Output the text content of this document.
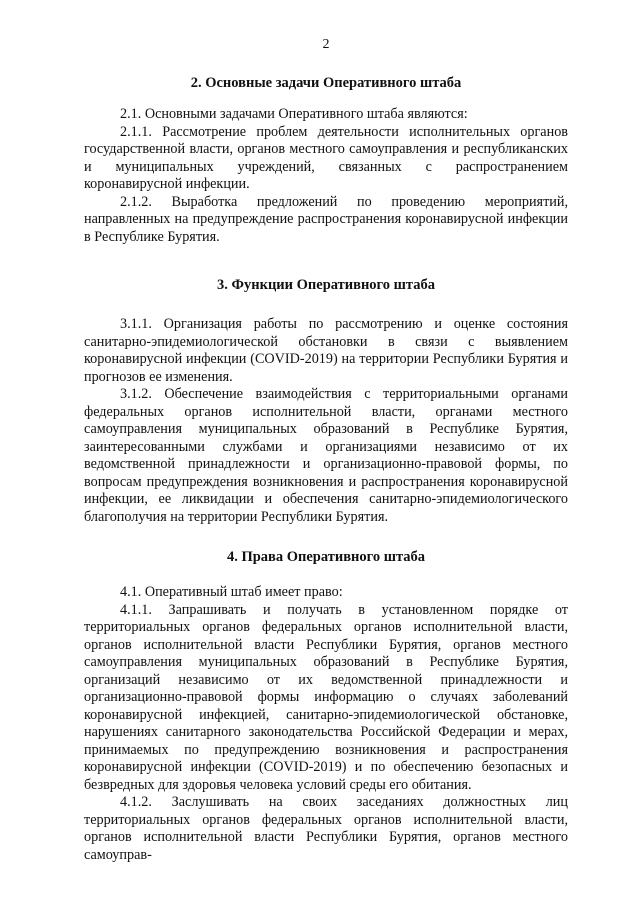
2
2. Основные задачи Оперативного штаба

2.1. Основными задачами Оперативного штаба являются:

2.1.1. Рассмотрение проблем деятельности исполнительных органов государственной власти, органов местного самоуправления и республиканских и муниципальных учреждений, связанных с распространением коронавирусной инфекции.

2.1.2. Выработка предложений по проведению мероприятий, направленных на предупреждение распространения коронавирусной инфекции в Республике Бурятия.

3. Функции Оперативного штаба

3.1.1. Организация работы по рассмотрению и оценке состояния санитарно-эпидемиологической обстановки в связи с выявлением коронавирусной инфекции (COVID-2019) на территории Республики Бурятия и прогнозов ее изменения.

3.1.2. Обеспечение взаимодействия с территориальными органами федеральных органов исполнительной власти, органами местного самоуправления муниципальных образований в Республике Бурятия, заинтересованными службами и организациями независимо от их ведомственной принадлежности и организационно-правовой формы, по вопросам предупреждения возникновения и распространения коронавирусной инфекции, ее ликвидации и обеспечения санитарно-эпидемиологического благополучия на территории Республики Бурятия.

4. Права Оперативного штаба

4.1. Оперативный штаб имеет право:

4.1.1. Запрашивать и получать в установленном порядке от территориальных органов федеральных органов исполнительной власти, органов исполнительной власти Республики Бурятия, органов местного самоуправления муниципальных образований в Республике Бурятия, организаций независимо от их ведомственной принадлежности и организационно-правовой формы информацию о случаях заболеваний коронавирусной инфекцией, санитарно-эпидемиологической обстановке, нарушениях санитарного законодательства Российской Федерации и мерах, принимаемых по предупреждению возникновения и распространения коронавирусной инфекции (COVID-2019) и по обеспечению безопасных и безвредных для здоровья человека условий среды его обитания.

4.1.2. Заслушивать на своих заседаниях должностных лиц территориальных органов федеральных органов исполнительной власти, органов исполнительной власти Республики Бурятия, органов местного самоуправ-
